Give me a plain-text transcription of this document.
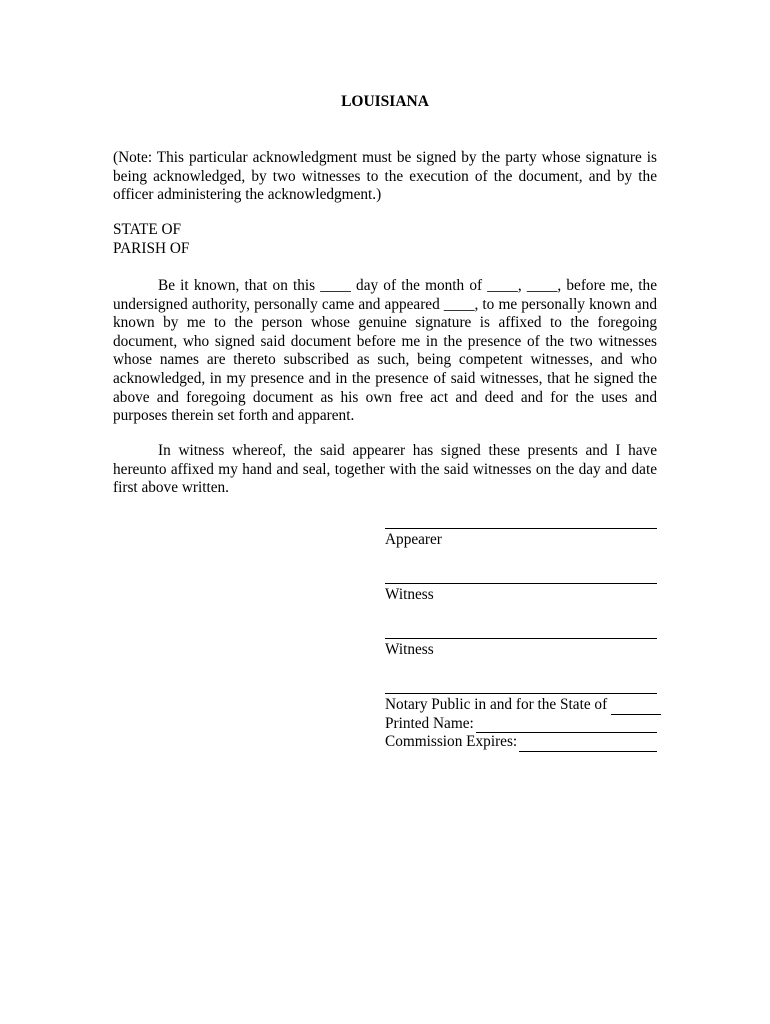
LOUISIANA
(Note: This particular acknowledgment must be signed by the party whose signature is being acknowledged, by two witnesses to the execution of the document, and by the officer administering the acknowledgment.)
STATE OF
PARISH OF
Be it known, that on this ____ day of the month of ____, ____, before me, the undersigned authority, personally came and appeared ____, to me personally known and known by me to the person whose genuine signature is affixed to the foregoing document, who signed said document before me in the presence of the two witnesses whose names are thereto subscribed as such, being competent witnesses, and who acknowledged, in my presence and in the presence of said witnesses, that he signed the above and foregoing document as his own free act and deed and for the uses and purposes therein set forth and apparent.
In witness whereof, the said appearer has signed these presents and I have hereunto affixed my hand and seal, together with the said witnesses on the day and date first above written.
Appearer
Witness
Witness
Notary Public in and for the State of
Printed Name:
Commission Expires:
